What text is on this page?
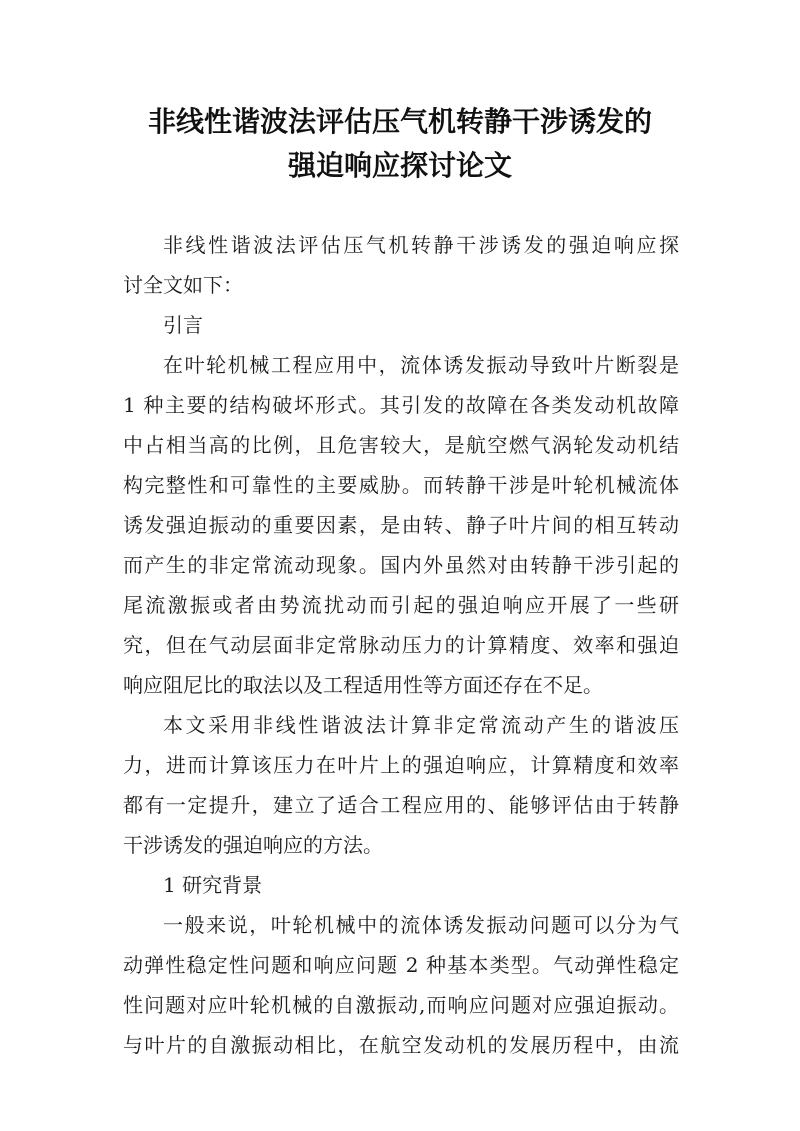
非线性谐波法评估压气机转静干涉诱发的
强迫响应探讨论文
非线性谐波法评估压气机转静干涉诱发的强迫响应探
讨全文如下：
引言
在叶轮机械工程应用中，流体诱发振动导致叶片断裂是
1 种主要的结构破坏形式。其引发的故障在各类发动机故障
中占相当高的比例，且危害较大，是航空燃气涡轮发动机结
构完整性和可靠性的主要威胁。而转静干涉是叶轮机械流体
诱发强迫振动的重要因素，是由转、静子叶片间的相互转动
而产生的非定常流动现象。国内外虽然对由转静干涉引起的
尾流激振或者由势流扰动而引起的强迫响应开展了一些研
究，但在气动层面非定常脉动压力的计算精度、效率和强迫
响应阻尼比的取法以及工程适用性等方面还存在不足。
本文采用非线性谐波法计算非定常流动产生的谐波压
力，进而计算该压力在叶片上的强迫响应，计算精度和效率
都有一定提升，建立了适合工程应用的、能够评估由于转静
干涉诱发的强迫响应的方法。
1 研究背景
一般来说，叶轮机械中的流体诱发振动问题可以分为气
动弹性稳定性问题和响应问题 2 种基本类型。气动弹性稳定
性问题对应叶轮机械的自激振动,而响应问题对应强迫振动。
与叶片的自激振动相比，在航空发动机的发展历程中，由流
